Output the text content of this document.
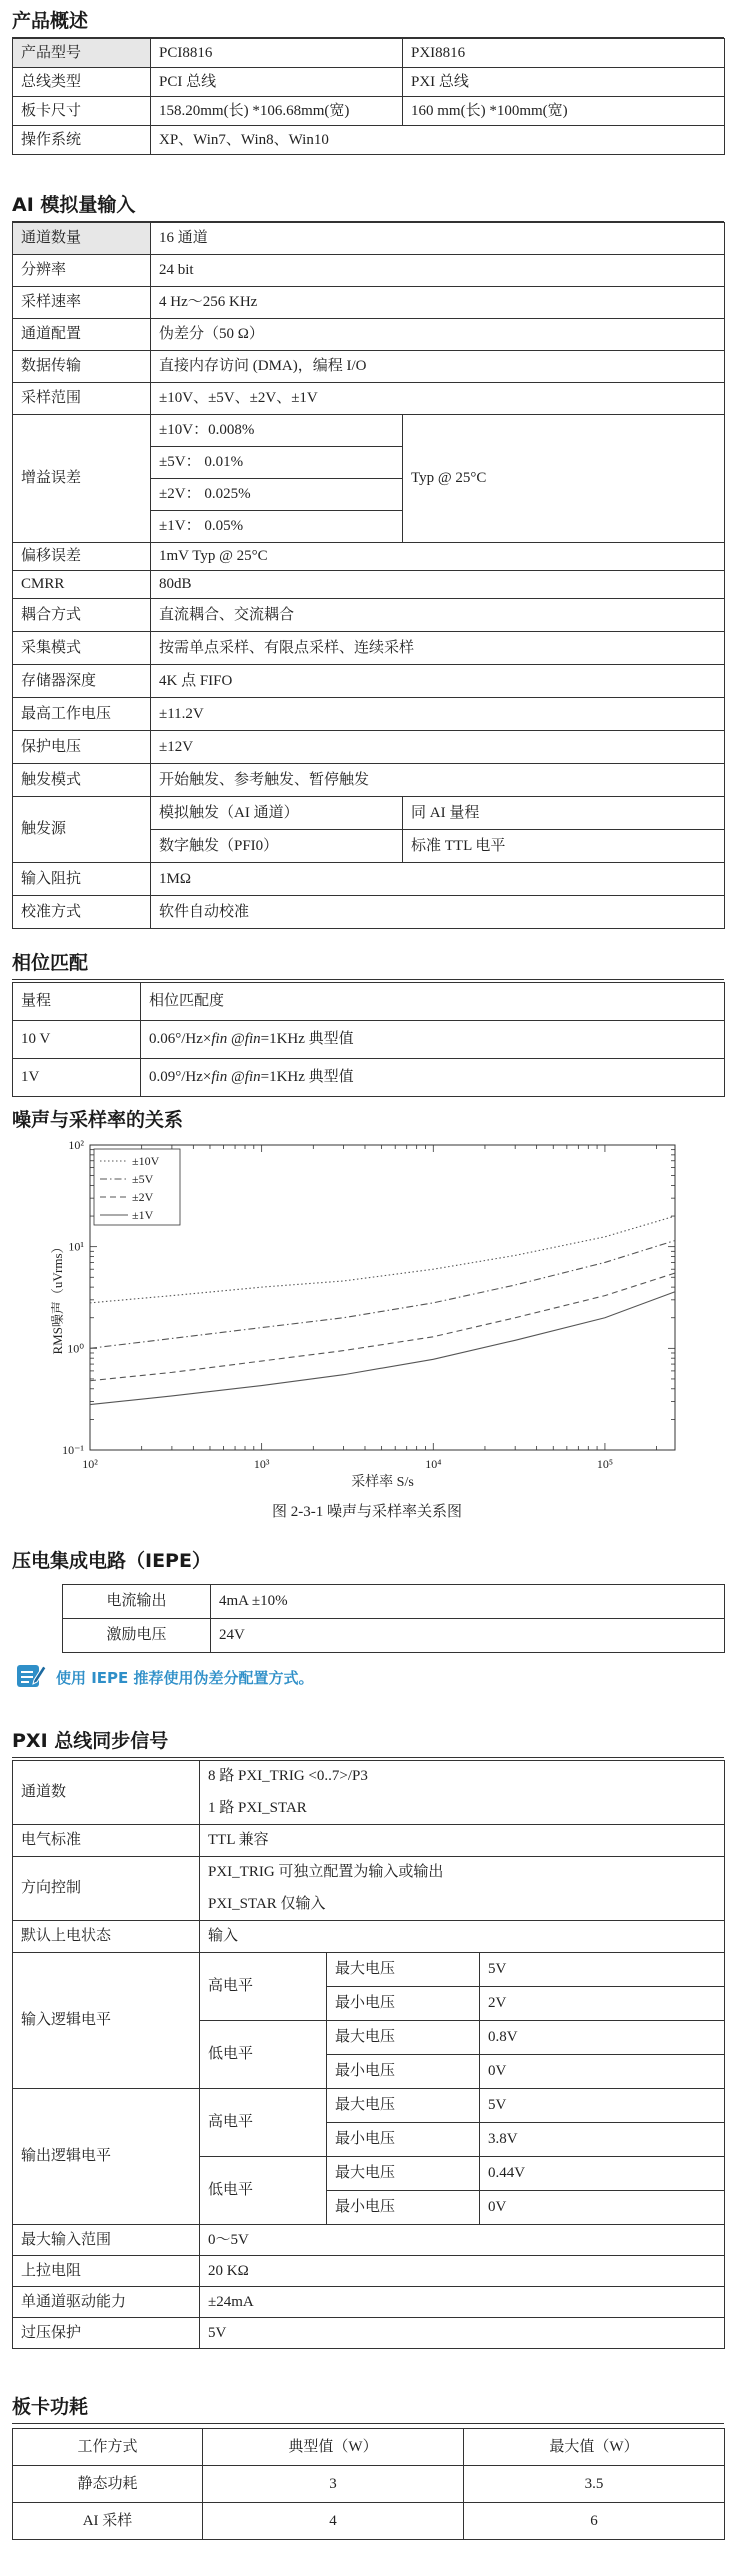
产品概述
产品型号	PCI8816	PXI8816
总线类型	PCI 总线	PXI 总线
板卡尺寸	158.20mm(长) *106.68mm(宽)	160 mm(长) *100mm(宽)
操作系统	XP、Win7、Win8、Win10	
AI 模拟量输入
通道数量	16 通道	
分辨率	24 bit	
采样速率	4 Hz～256 KHz	
通道配置	伪差分（50 Ω）	
数据传输	直接内存访问 (DMA)，编程 I/O	
采样范围	±10V、±5V、±2V、±1V	
增益误差	±10V：0.008%	Typ @ 25°C
	±5V： 0.01%	
	±2V： 0.025%	
	±1V： 0.05%	
偏移误差	1mV Typ @ 25°C	
CMRR	80dB	
耦合方式	直流耦合、交流耦合	
采集模式	按需单点采样、有限点采样、连续采样	
存储器深度	4K 点 FIFO	
最高工作电压	±11.2V	
保护电压	±12V	
触发模式	开始触发、参考触发、暂停触发	
触发源	模拟触发（AI 通道）	同 AI 量程
	数字触发（PFI0）	标准 TTL 电平
输入阻抗	1MΩ	
校准方式	软件自动校准	
相位匹配
量程	相位匹配度
10 V	0.06°/Hz×fin @fin=1KHz 典型值
1V	0.09°/Hz×fin @fin=1KHz 典型值
噪声与采样率的关系
10²	10³	10⁴	10⁵
10⁻¹
10⁰
10¹
10²
采样率 S/s
RMS噪声（uVrms）
±10V
±5V
±2V
±1V
图 2-3-1 噪声与采样率关系图
压电集成电路（IEPE）
电流输出	4mA ±10%
激励电压	24V
使用 IEPE 推荐使用伪差分配置方式。
PXI 总线同步信号
通道数	8 路 PXI_TRIG <0..7>/P3		
	1 路 PXI_STAR		
电气标准	TTL 兼容		
方向控制	PXI_TRIG 可独立配置为输入或输出		
	PXI_STAR 仅输入		
默认上电状态	输入		
输入逻辑电平	高电平	最大电压	5V
		最小电压	2V
	低电平	最大电压	0.8V
		最小电压	0V
输出逻辑电平	高电平	最大电压	5V
		最小电压	3.8V
	低电平	最大电压	0.44V
		最小电压	0V
最大输入范围	0～5V		
上拉电阻	20 KΩ		
单通道驱动能力	±24mA		
过压保护	5V		
板卡功耗
工作方式	典型值（W）	最大值（W）
静态功耗	3	3.5
AI 采样	4	6
